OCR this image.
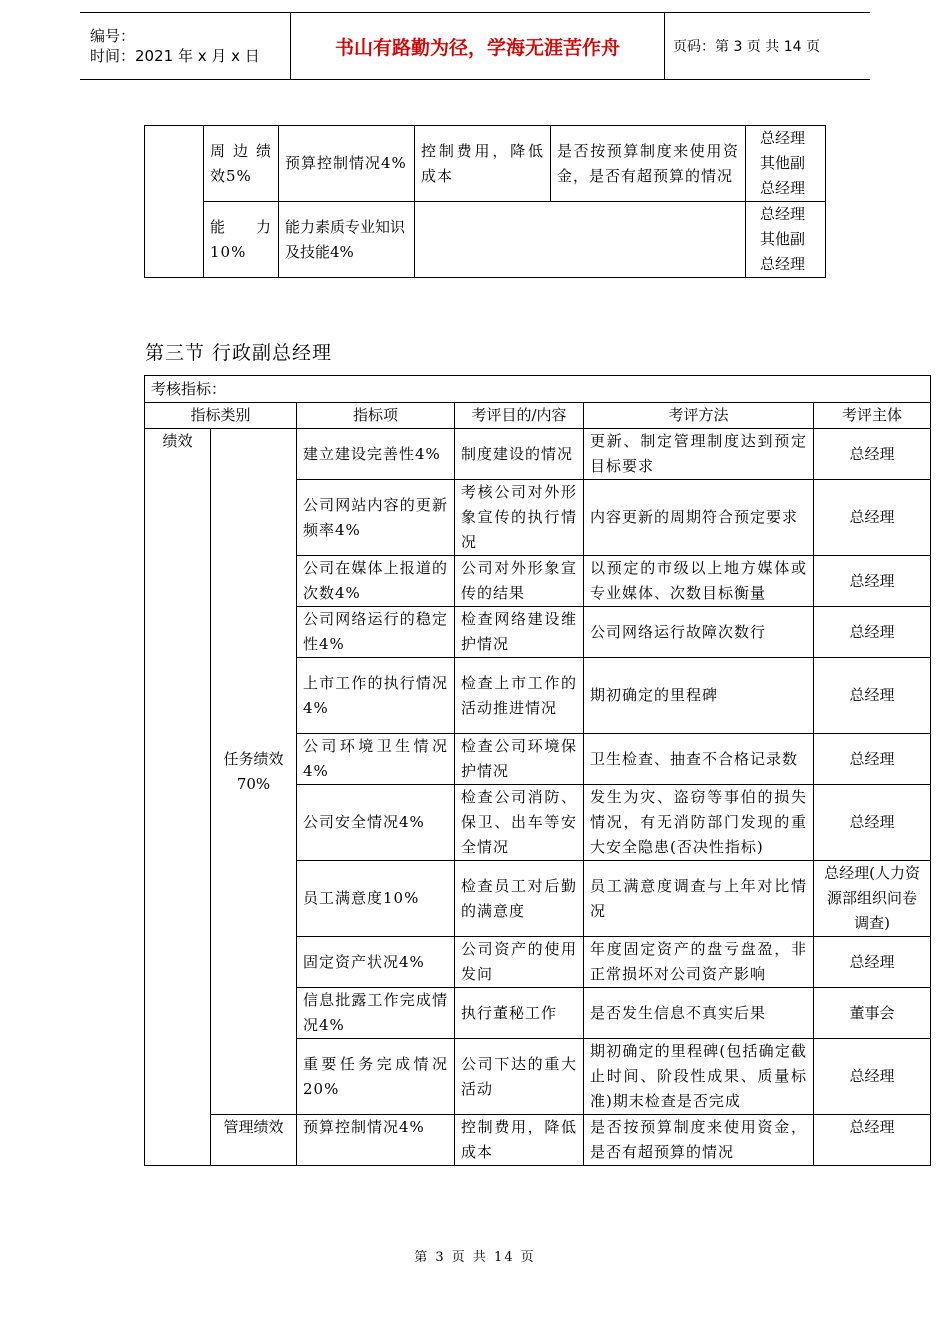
编号：
时间：2021 年 x 月 x 日	书山有路勤为径，学海无涯苦作舟	页码：第 3 页 共 14 页
	周边绩效5%	预算控制情况4%	控制费用，降低成本	是否按预算制度来使用资金，是否有超预算的情况	总经理其他副总经理
	能力10%	能力素质专业知识及技能4%			总经理其他副总经理
第三节 行政副总经理
考核指标：					
指标类别		指标项	考评目的/内容	考评方法	考评主体
绩效	任务绩效70%	建立建设完善性4%	制度建设的情况	更新、制定管理制度达到预定目标要求	总经理
		公司网站内容的更新频率4%	考核公司对外形象宣传的执行情况	内容更新的周期符合预定要求	总经理
		公司在媒体上报道的次数4%	公司对外形象宣传的结果	以预定的市级以上地方媒体或专业媒体、次数目标衡量	总经理
		公司网络运行的稳定性4%	检查网络建设维护情况	公司网络运行故障次数行	总经理
		上市工作的执行情况4%	检查上市工作的活动推进情况	期初确定的里程碑	总经理
		公司环境卫生情况4%	检查公司环境保护情况	卫生检查、抽查不合格记录数	总经理
		公司安全情况4%	检查公司消防、保卫、出车等安全情况	发生为灾、盗窃等事伯的损失情况，有无消防部门发现的重大安全隐患(否决性指标)	总经理
		员工满意度10%	检查员工对后勤的满意度	员工满意度调查与上年对比情况	总经理(人力资源部组织问卷调查)
		固定资产状况4%	公司资产的使用发问	年度固定资产的盘亏盘盈，非正常损坏对公司资产影响	总经理
		信息批露工作完成情况4%	执行董秘工作	是否发生信息不真实后果	董事会
		重要任务完成情况20%	公司下达的重大活动	期初确定的里程碑(包括确定截止时间、阶段性成果、质量标准)期末检查是否完成	总经理
	管理绩效	预算控制情况4%	控制费用，降低成本	是否按预算制度来使用资金，是否有超预算的情况	总经理
第 3 页 共 14 页
